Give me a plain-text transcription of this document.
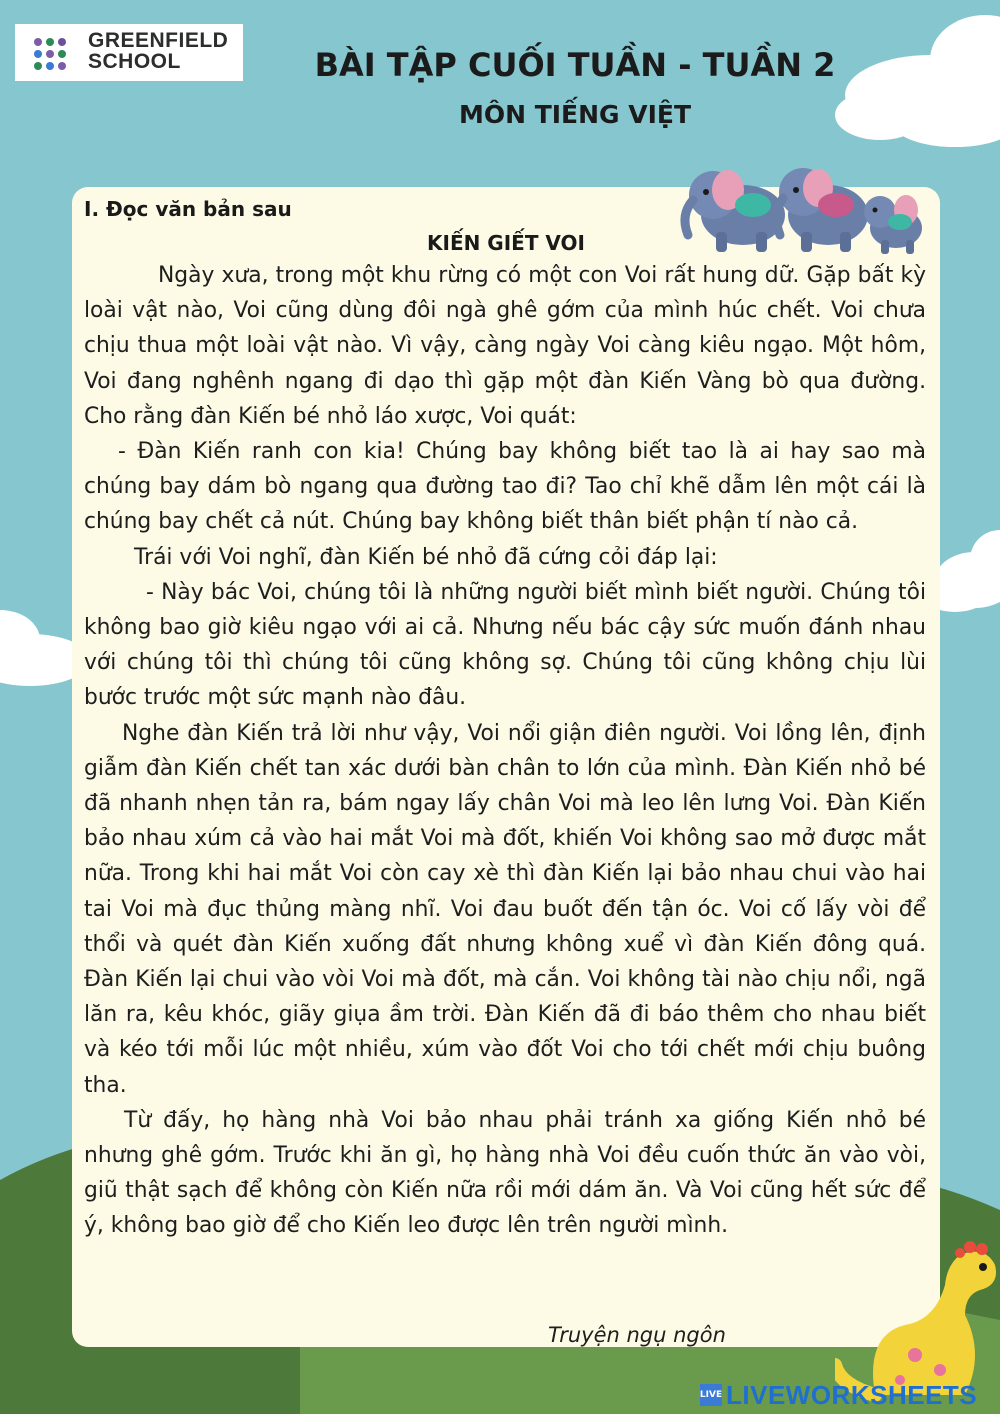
GREENFIELD
SCHOOL	BÀI TẬP CUỐI TUẦN - TUẦN 2
MÔN TIẾNG VIỆT
I. Đọc văn bản sau
KIẾN GIẾT VOI

Ngày xưa, trong một khu rừng có một con Voi rất hung dữ. Gặp bất kỳ loài vật nào, Voi cũng dùng đôi ngà ghê gớm của mình húc chết. Voi chưa chịu thua một loài vật nào. Vì vậy, càng ngày Voi càng kiêu ngạo. Một hôm, Voi đang nghênh ngang đi dạo thì gặp một đàn Kiến Vàng bò qua đường. Cho rằng đàn Kiến bé nhỏ láo xược, Voi quát:

- Đàn Kiến ranh con kia! Chúng bay không biết tao là ai hay sao mà chúng bay dám bò ngang qua đường tao đi? Tao chỉ khẽ dẫm lên một cái là chúng bay chết cả nút. Chúng bay không biết thân biết phận tí nào cả.

Trái với Voi nghĩ, đàn Kiến bé nhỏ đã cứng cỏi đáp lại:

- Này bác Voi, chúng tôi là những người biết mình biết người. Chúng tôi không bao giờ kiêu ngạo với ai cả. Nhưng nếu bác cậy sức muốn đánh nhau với chúng tôi thì chúng tôi cũng không sợ. Chúng tôi cũng không chịu lùi bước trước một sức mạnh nào đâu.

Nghe đàn Kiến trả lời như vậy, Voi nổi giận điên người. Voi lồng lên, định giẫm đàn Kiến chết tan xác dưới bàn chân to lớn của mình. Đàn Kiến nhỏ bé đã nhanh nhẹn tản ra, bám ngay lấy chân Voi mà leo lên lưng Voi. Đàn Kiến bảo nhau xúm cả vào hai mắt Voi mà đốt, khiến Voi không sao mở được mắt nữa. Trong khi hai mắt Voi còn cay xè thì đàn Kiến lại bảo nhau chui vào hai tai Voi mà đục thủng màng nhĩ. Voi đau buốt đến tận óc. Voi cố lấy vòi để thổi và quét đàn Kiến xuống đất nhưng không xuể vì đàn Kiến đông quá. Đàn Kiến lại chui vào vòi Voi mà đốt, mà cắn. Voi không tài nào chịu nổi, ngã lăn ra, kêu khóc, giãy giụa ầm trời. Đàn Kiến đã đi báo thêm cho nhau biết và kéo tới mỗi lúc một nhiều, xúm vào đốt Voi cho tới chết mới chịu buông tha.

Từ đấy, họ hàng nhà Voi bảo nhau phải tránh xa giống Kiến nhỏ bé nhưng ghê gớm. Trước khi ăn gì, họ hàng nhà Voi đều cuốn thức ăn vào vòi, giũ thật sạch để không còn Kiến nữa rồi mới dám ăn. Và Voi cũng hết sức để ý, không bao giờ để cho Kiến leo được lên trên người mình.

Truyện ngụ ngôn
LIVE LIVEWORKSHEETS
